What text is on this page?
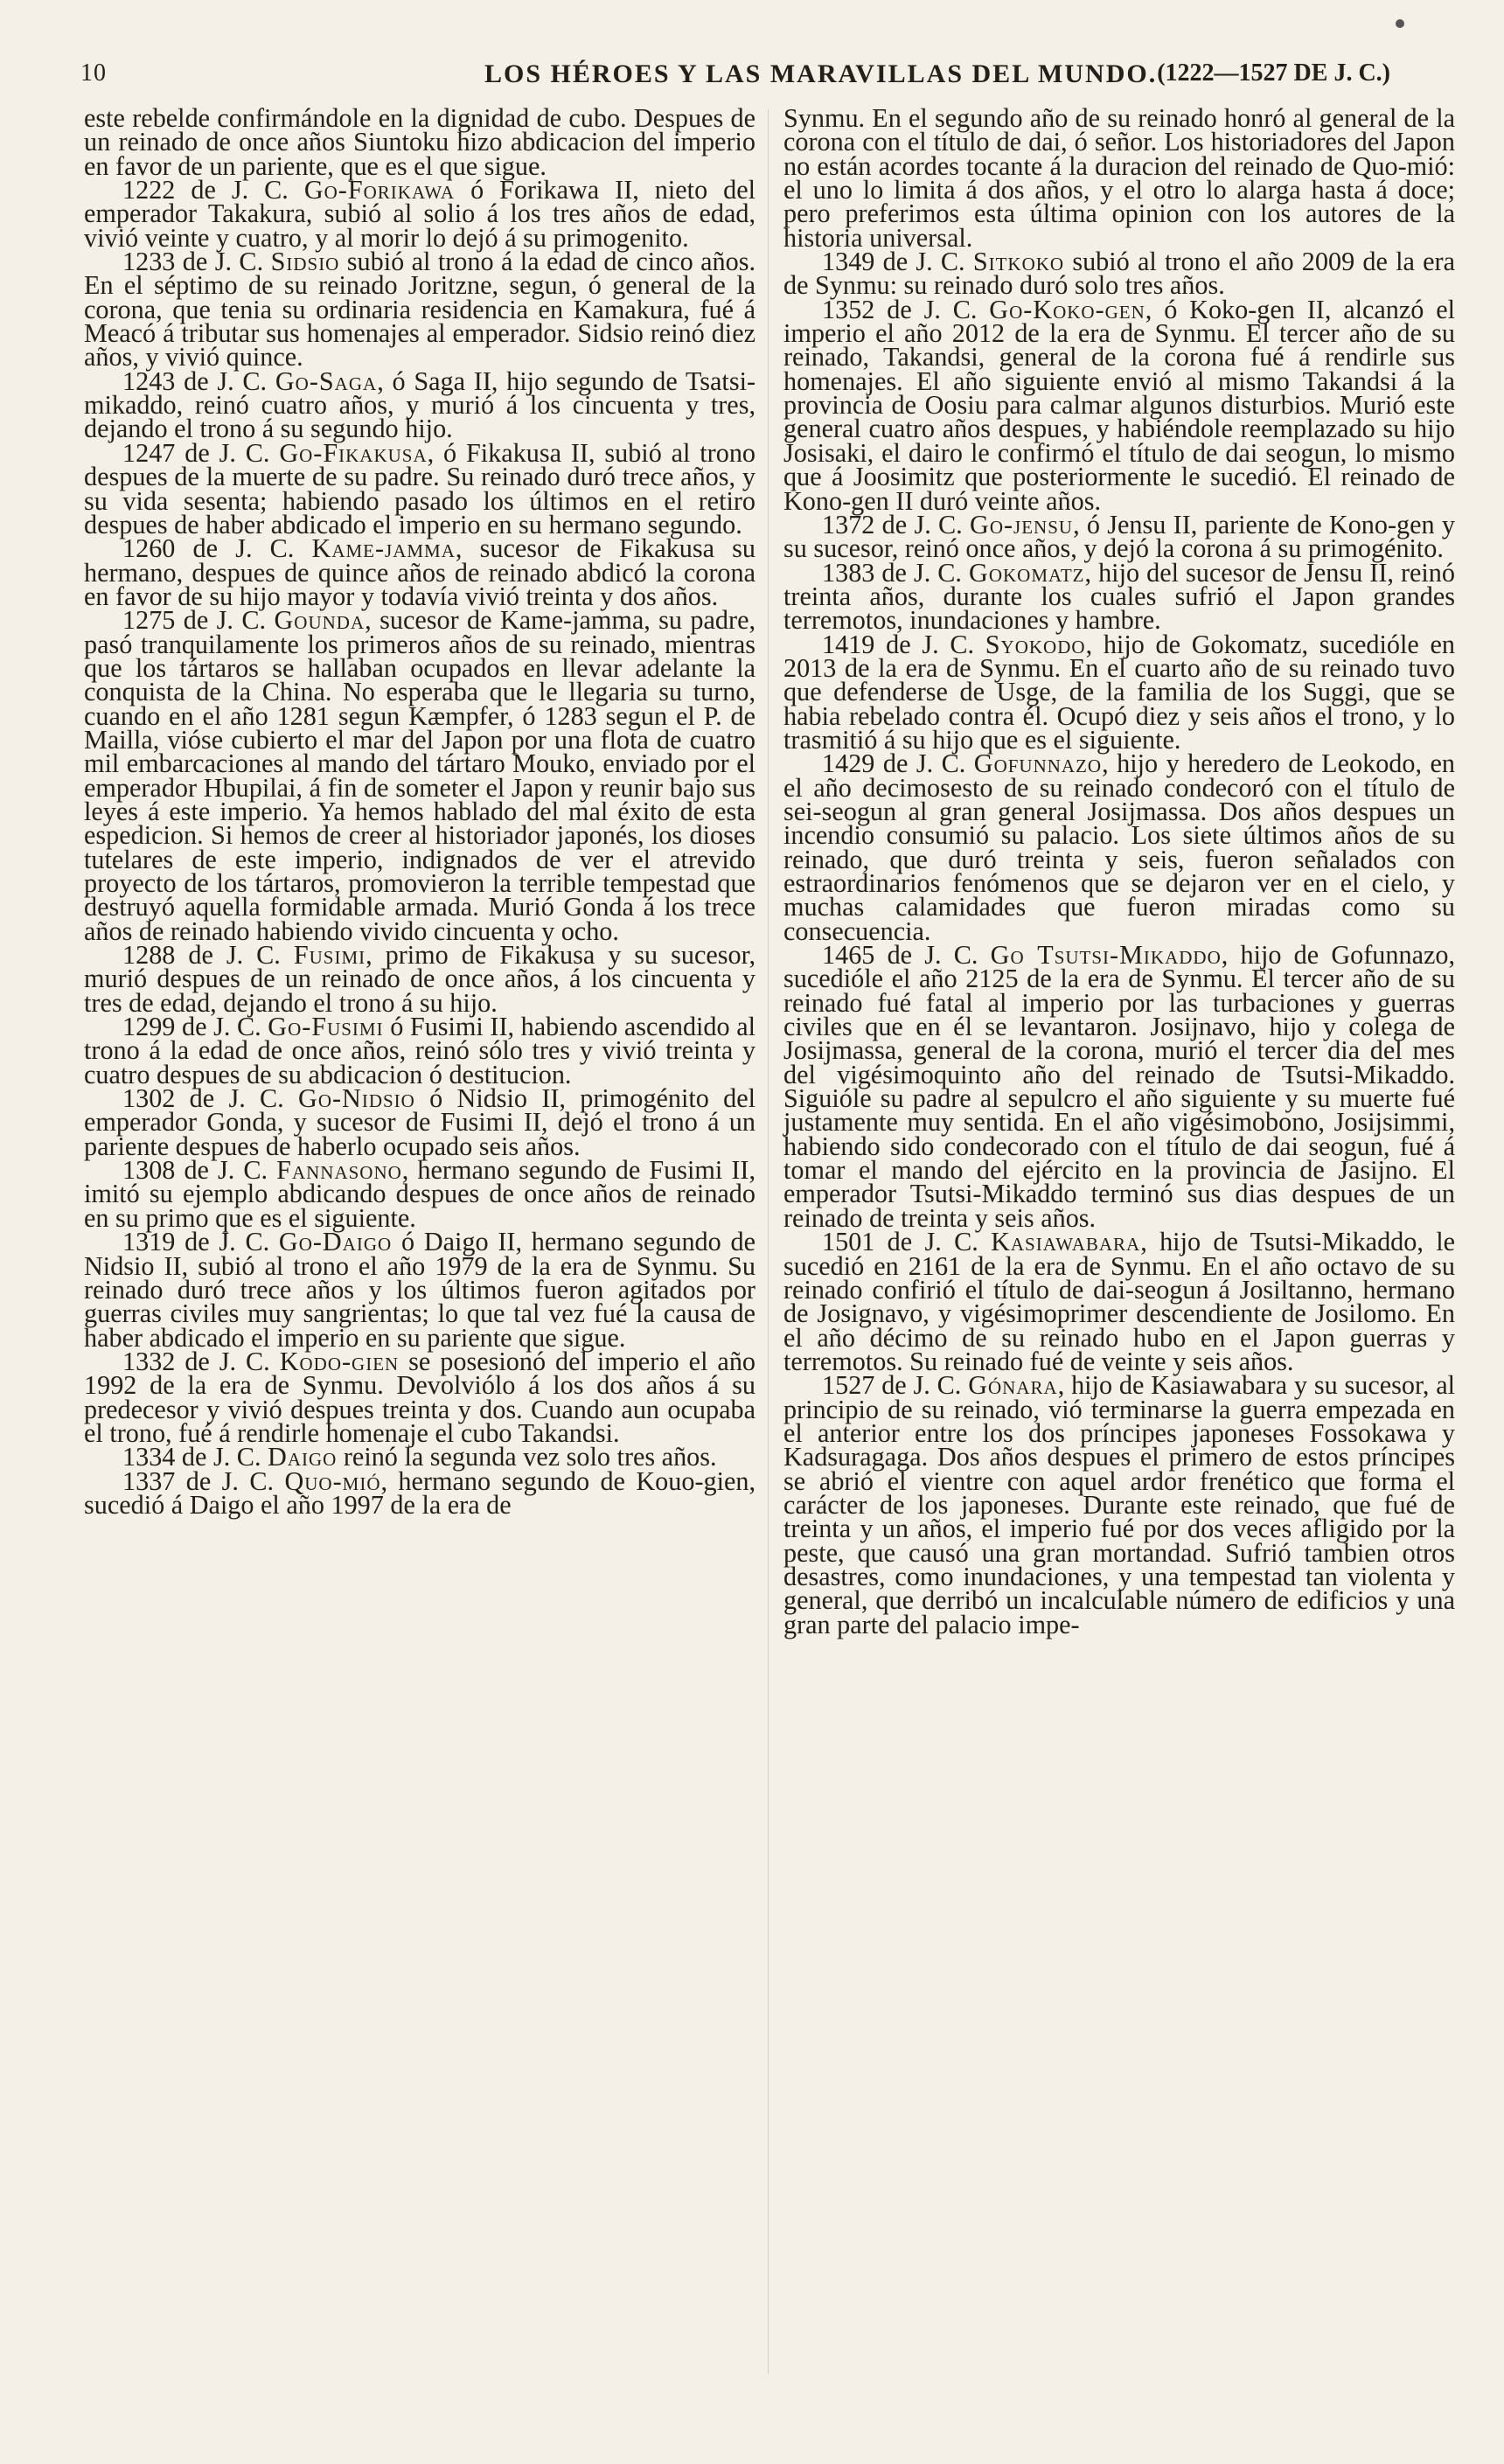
10	LOS HÉROES Y LAS MARAVILLAS DEL MUNDO. (1222—1527 DE J. C.)

este rebelde confirmándole en la dignidad de cubo. Despues de un reinado de once años Siuntoku hizo abdicacion del imperio en favor de un pariente, que es el que sigue.

1222 de J. C. Go-Forikawa ó Forikawa II, nieto del emperador Takakura, subió al solio á los tres años de edad, vivió veinte y cuatro, y al morir lo dejó á su primogenito.

1233 de J. C. Sidsio subió al trono á la edad de cinco años. En el séptimo de su reinado Joritzne, segun, ó general de la corona, que tenia su ordinaria residencia en Kamakura, fué á Meacó á tributar sus homenajes al emperador. Sidsio reinó diez años, y vivió quince.

1243 de J. C. Go-Saga, ó Saga II, hijo segundo de Tsatsi-mikaddo, reinó cuatro años, y murió á los cincuenta y tres, dejando el trono á su segundo hijo.

1247 de J. C. Go-Fikakusa, ó Fikakusa II, subió al trono despues de la muerte de su padre. Su reinado duró trece años, y su vida sesenta; habiendo pasado los últimos en el retiro despues de haber abdicado el imperio en su hermano segundo.

1260 de J. C. Kame-jamma, sucesor de Fikakusa su hermano, despues de quince años de reinado abdicó la corona en favor de su hijo mayor y todavía vivió treinta y dos años.

1275 de J. C. Gounda, sucesor de Kame-jamma, su padre, pasó tranquilamente los primeros años de su reinado, mientras que los tártaros se hallaban ocupados en llevar adelante la conquista de la China. No esperaba que le llegaria su turno, cuando en el año 1281 segun Kæmpfer, ó 1283 segun el P. de Mailla, vióse cubierto el mar del Japon por una flota de cuatro mil embarcaciones al mando del tártaro Mouko, enviado por el emperador Hbupilai, á fin de someter el Japon y reunir bajo sus leyes á este imperio. Ya hemos hablado del mal éxito de esta espedicion. Si hemos de creer al historiador japonés, los dioses tutelares de este imperio, indignados de ver el atrevido proyecto de los tártaros, promovieron la terrible tempestad que destruyó aquella formidable armada. Murió Gonda á los trece años de reinado habiendo vivido cincuenta y ocho.

1288 de J. C. Fusimi, primo de Fikakusa y su sucesor, murió despues de un reinado de once años, á los cincuenta y tres de edad, dejando el trono á su hijo.

1299 de J. C. Go-Fusimi ó Fusimi II, habiendo ascendido al trono á la edad de once años, reinó sólo tres y vivió treinta y cuatro despues de su abdicacion ó destitucion.

1302 de J. C. Go-Nidsio ó Nidsio II, primogénito del emperador Gonda, y sucesor de Fusimi II, dejó el trono á un pariente despues de haberlo ocupado seis años.

1308 de J. C. Fannasono, hermano segundo de Fusimi II, imitó su ejemplo abdicando despues de once años de reinado en su primo que es el siguiente.

1319 de J. C. Go-Daigo ó Daigo II, hermano segundo de Nidsio II, subió al trono el año 1979 de la era de Synmu. Su reinado duró trece años y los últimos fueron agitados por guerras civiles muy sangrientas; lo que tal vez fué la causa de haber abdicado el imperio en su pariente que sigue.

1332 de J. C. Kodo-gien se posesionó del imperio el año 1992 de la era de Synmu. Devolviólo á los dos años á su predecesor y vivió despues treinta y dos. Cuando aun ocupaba el trono, fué á rendirle homenaje el cubo Takandsi.

1334 de J. C. Daigo reinó la segunda vez solo tres años.

1337 de J. C. Quo-mió, hermano segundo de Kouo-gien, sucedió á Daigo el año 1997 de la era de

Synmu. En el segundo año de su reinado honró al general de la corona con el título de dai, ó señor. Los historiadores del Japon no están acordes tocante á la duracion del reinado de Quo-mió: el uno lo limita á dos años, y el otro lo alarga hasta á doce; pero preferimos esta última opinion con los autores de la historia universal.

1349 de J. C. Sitkoko subió al trono el año 2009 de la era de Synmu: su reinado duró solo tres años.

1352 de J. C. Go-Koko-gen, ó Koko-gen II, alcanzó el imperio el año 2012 de la era de Synmu. El tercer año de su reinado, Takandsi, general de la corona fué á rendirle sus homenajes. El año siguiente envió al mismo Takandsi á la provincia de Oosiu para calmar algunos disturbios. Murió este general cuatro años despues, y habiéndole reemplazado su hijo Josisaki, el dairo le confirmó el título de dai seogun, lo mismo que á Joosimitz que posteriormente le sucedió. El reinado de Kono-gen II duró veinte años.

1372 de J. C. Go-jensu, ó Jensu II, pariente de Kono-gen y su sucesor, reinó once años, y dejó la corona á su primogénito.

1383 de J. C. Gokomatz, hijo del sucesor de Jensu II, reinó treinta años, durante los cuales sufrió el Japon grandes terremotos, inundaciones y hambre.

1419 de J. C. Syokodo, hijo de Gokomatz, sucedióle en 2013 de la era de Synmu. En el cuarto año de su reinado tuvo que defenderse de Usge, de la familia de los Suggi, que se habia rebelado contra él. Ocupó diez y seis años el trono, y lo trasmitió á su hijo que es el siguiente.

1429 de J. C. Gofunnazo, hijo y heredero de Leokodo, en el año decimosesto de su reinado condecoró con el título de sei-seogun al gran general Josijmassa. Dos años despues un incendio consumió su palacio. Los siete últimos años de su reinado, que duró treinta y seis, fueron señalados con estraordinarios fenómenos que se dejaron ver en el cielo, y muchas calamidades que fueron miradas como su consecuencia.

1465 de J. C. Go Tsutsi-Mikaddo, hijo de Gofunnazo, sucedióle el año 2125 de la era de Synmu. El tercer año de su reinado fué fatal al imperio por las turbaciones y guerras civiles que en él se levantaron. Josijnavo, hijo y colega de Josijmassa, general de la corona, murió el tercer dia del mes del vigésimoquinto año del reinado de Tsutsi-Mikaddo. Siguióle su padre al sepulcro el año siguiente y su muerte fué justamente muy sentida. En el año vigésimobono, Josijsimmi, habiendo sido condecorado con el título de dai seogun, fué á tomar el mando del ejército en la provincia de Jasijno. El emperador Tsutsi-Mikaddo terminó sus dias despues de un reinado de treinta y seis años.

1501 de J. C. Kasiawabara, hijo de Tsutsi-Mikaddo, le sucedió en 2161 de la era de Synmu. En el año octavo de su reinado confirió el título de dai-seogun á Josiltanno, hermano de Josignavo, y vigésimoprimer descendiente de Josilomo. En el año décimo de su reinado hubo en el Japon guerras y terremotos. Su reinado fué de veinte y seis años.

1527 de J. C. Gónara, hijo de Kasiawabara y su sucesor, al principio de su reinado, vió terminarse la guerra empezada en el anterior entre los dos príncipes japoneses Fossokawa y Kadsuragaga. Dos años despues el primero de estos príncipes se abrió el vientre con aquel ardor frenético que forma el carácter de los japoneses. Durante este reinado, que fué de treinta y un años, el imperio fué por dos veces afligido por la peste, que causó una gran mortandad. Sufrió tambien otros desastres, como inundaciones, y una tempestad tan violenta y general, que derribó un incalculable número de edificios y una gran parte del palacio impe-
